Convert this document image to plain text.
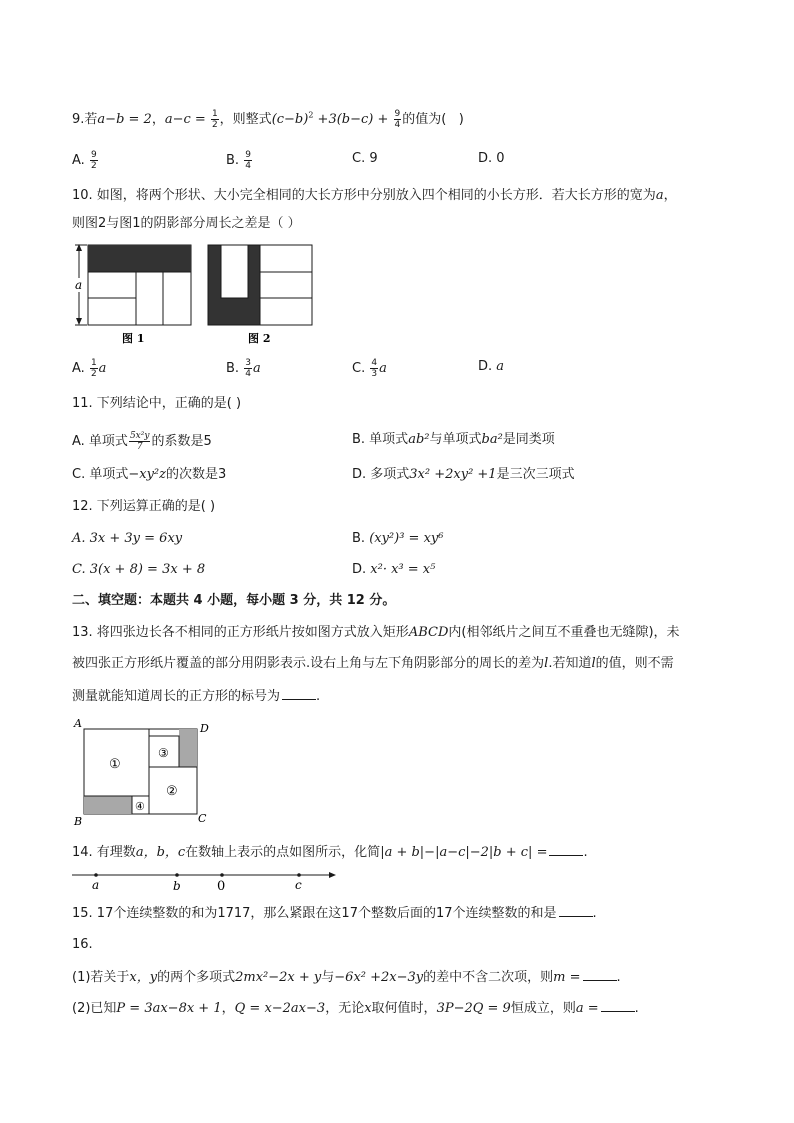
9.若a−b = 2，$a-c = \frac{1}{2}$ ，则整式$(c-b)^2 +3(b-c) + \frac{9}{4}$ 的值为( )
A. $\frac{9}{2}$	B. $\frac{9}{4}$	C. 9	D. 0
10. 如图，将两个形状、大小完全相同的大长方形中分别放入四个相同的小长方形．若大长方形的宽为a，
则图2与图1的阴影部分周长之差是（ ）
a
图 1	图 2
A. $\frac{1}{2}$ a	B. $\frac{3}{4}$ a	C. $\frac{4}{3}$ a	D. a
11. 下列结论中，正确的是( )
A. 单项式 $\frac{\text{5x²y}}{7}$ 的系数是5	B. 单项式ab²与单项式ba²是同类项
C. 单项式−xy²z的次数是3	D. 多项式3x² +2xy² +1是三次三项式
12. 下列运算正确的是( )
A. 3x + 3y = 6xy	B. (xy²)³ = xy⁶
C. 3(x + 8) = 3x + 8	D. x²· x³ = x⁵
二、填空题：本题共 4 小题，每小题 3 分，共 12 分。
13. 将四张边长各不相同的正方形纸片按如图方式放入矩形ABCD内(相邻纸片之间互不重叠也无缝隙)，未
被四张正方形纸片覆盖的部分用阴影表示.设右上角与左下角阴影部分的周长的差为l.若知道l的值，则不需
测量就能知道周长的正方形的标号为	.
A	D
B	C
①
③
②
④
14. 有理数a，b，c在数轴上表示的点如图所示，化简|a + b|−|a−c|−2|b + c| =	.
a	b	0	c
15. 17个连续整数的和为1717，那么紧跟在这17个整数后面的17个连续整数的和是	.
16.
(1)若关于x，y的两个多项式2mx²−2x + y与−6x² +2x−3y的差中不含二次项，则m =	.
(2)已知P = 3ax−8x + 1，Q = x−2ax−3，无论x取何值时，3P−2Q = 9恒成立，则a =	.
